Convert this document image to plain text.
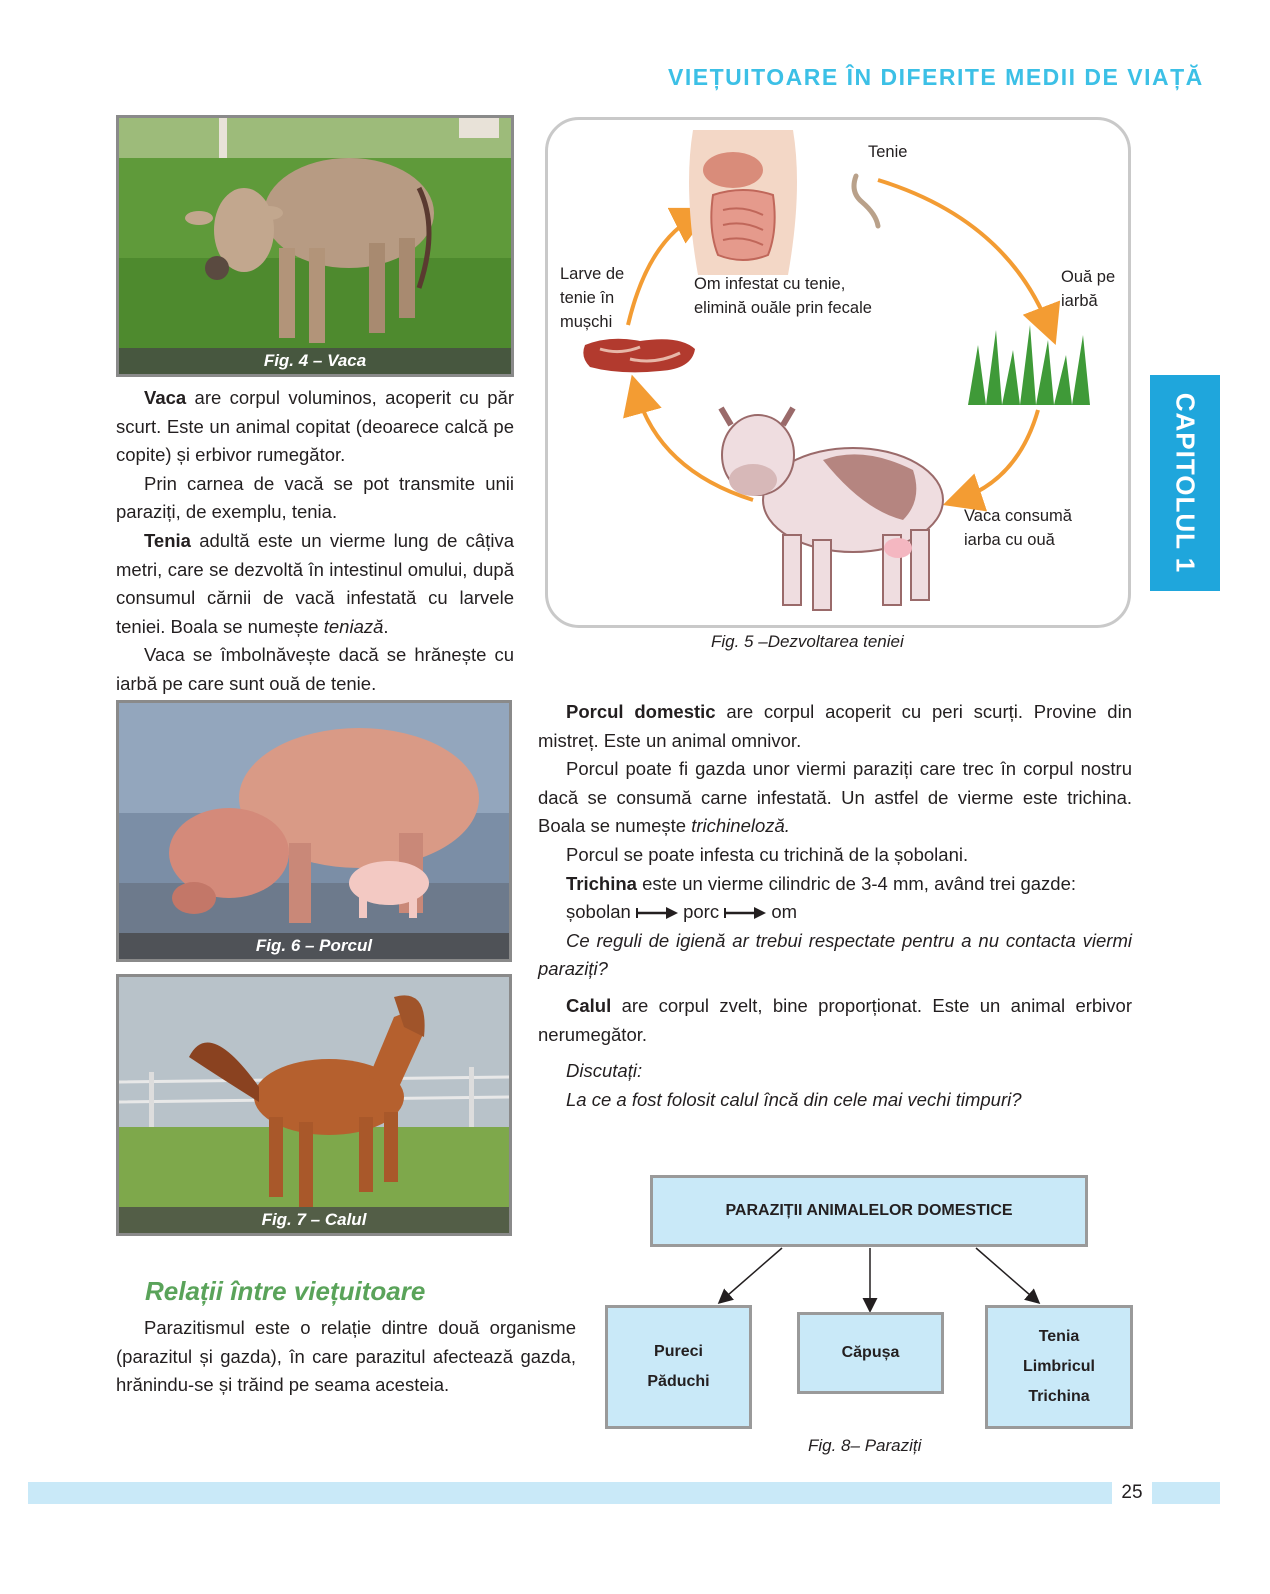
VIEȚUITOARE ÎN DIFERITE MEDII DE VIAȚĂ
CAPITOLUL 1
Fig. 4 – Vaca

Vaca are corpul voluminos, acoperit cu păr scurt. Este un animal copitat (deoarece calcă pe copite) și erbivor rumegător.

Prin carnea de vacă se pot transmite unii paraziți, de exemplu, tenia.

Tenia adultă este un vierme lung de câțiva metri, care se dezvoltă în intestinul omului, după consumul cărnii de vacă infestată cu larvele teniei. Boala se numește teniază.

Vaca se îmbolnăvește dacă se hrănește cu iarbă pe care sunt ouă de tenie.

Tenie
Om infestat cu tenie,
elimină ouăle prin fecale
Ouă pe
iarbă
Vaca consumă
iarba cu ouă
Larve de
tenie în
mușchi
Fig. 5 –Dezvoltarea teniei
Fig. 6 – Porcul
Fig. 7 – Calul

Porcul domestic are corpul acoperit cu peri scurți. Provine din mistreț. Este un animal omnivor.

Porcul poate fi gazda unor viermi paraziți care trec în corpul nostru dacă se consumă carne infestată. Un astfel de vierme este trichina. Boala se numește trichineloză.

Porcul se poate infesta cu trichină de la șobolani.

Trichina este un vierme cilindric de 3-4 mm, având trei gazde:

șobolan	porc	om

Ce reguli de igienă ar trebui respectate pentru a nu contacta viermi paraziți?

Calul are corpul zvelt, bine proporționat. Este un animal erbivor nerumegător.

Discutați:

La ce a fost folosit calul încă din cele mai vechi timpuri?

Relații între viețuitoare

Parazitismul este o relație dintre două organisme (parazitul și gazda), în care parazitul afectează gazda, hrănindu-se și trăind pe seama acesteia.

PARAZIȚII ANIMALELOR DOMESTICE
Pureci
Păduchi
Căpușa
Tenia
Limbricul
Trichina
Fig. 8– Paraziți
25
